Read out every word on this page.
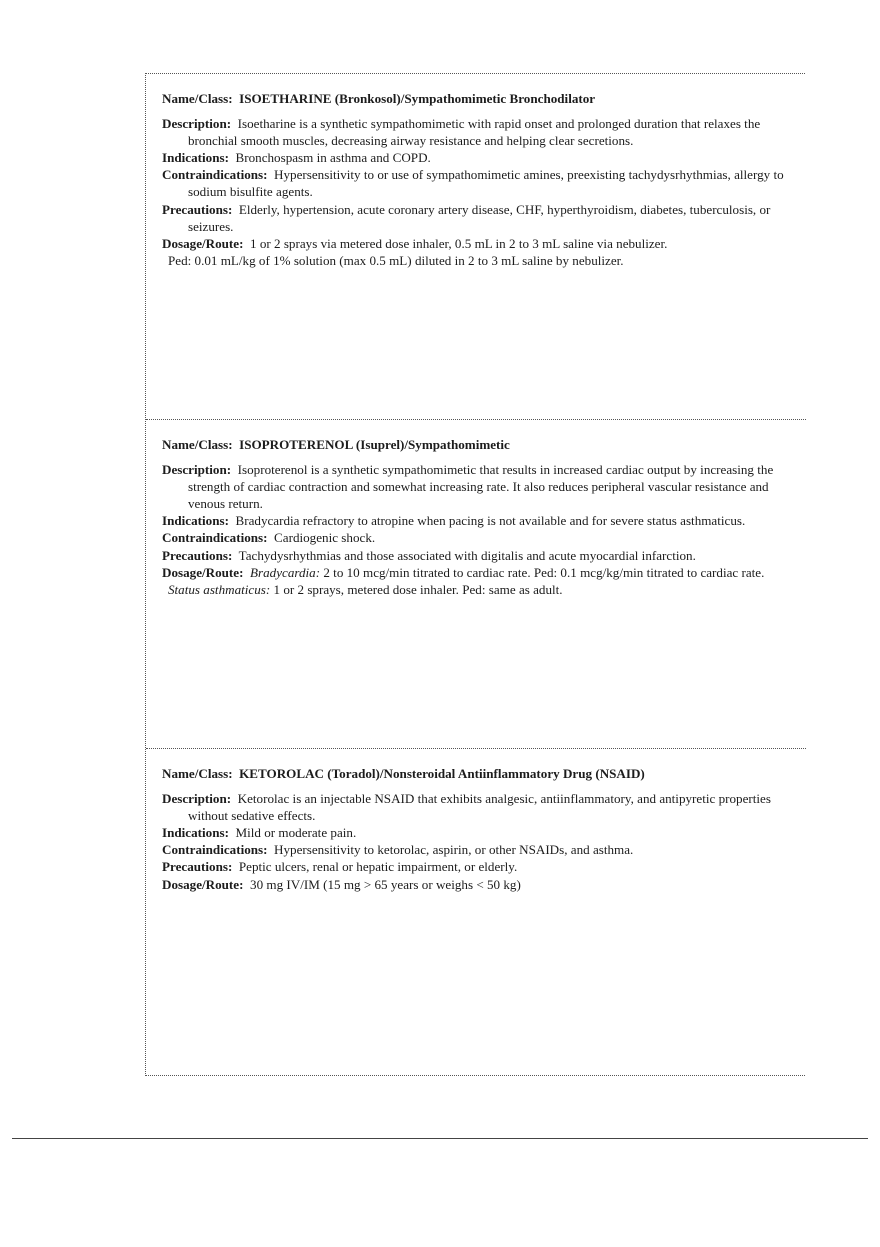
Name/Class: ISOETHARINE (Bronkosol)/Sympathomimetic Bronchodilator

Description: Isoetharine is a synthetic sympathomimetic with rapid onset and prolonged duration that relaxes the bronchial smooth muscles, decreasing airway resistance and helping clear secretions.

Indications: Bronchospasm in asthma and COPD.

Contraindications: Hypersensitivity to or use of sympathomimetic amines, preexisting tachydysrhythmias, allergy to sodium bisulfite agents.

Precautions: Elderly, hypertension, acute coronary artery disease, CHF, hyperthyroidism, diabetes, tuberculosis, or seizures.

Dosage/Route: 1 or 2 sprays via metered dose inhaler, 0.5 mL in 2 to 3 mL saline via nebulizer.

Ped: 0.01 mL/kg of 1% solution (max 0.5 mL) diluted in 2 to 3 mL saline by nebulizer.

Name/Class: ISOPROTERENOL (Isuprel)/Sympathomimetic

Description: Isoproterenol is a synthetic sympathomimetic that results in increased cardiac output by increasing the strength of cardiac contraction and somewhat increasing rate. It also reduces peripheral vascular resistance and venous return.

Indications: Bradycardia refractory to atropine when pacing is not available and for severe status asthmaticus.

Contraindications: Cardiogenic shock.

Precautions: Tachydysrhythmias and those associated with digitalis and acute myocardial infarction.

Dosage/Route: Bradycardia: 2 to 10 mcg/min titrated to cardiac rate. Ped: 0.1 mcg/kg/min titrated to cardiac rate.

Status asthmaticus: 1 or 2 sprays, metered dose inhaler. Ped: same as adult.

Name/Class: KETOROLAC (Toradol)/Nonsteroidal Antiinflammatory Drug (NSAID)

Description: Ketorolac is an injectable NSAID that exhibits analgesic, antiinflammatory, and antipyretic properties without sedative effects.

Indications: Mild or moderate pain.

Contraindications: Hypersensitivity to ketorolac, aspirin, or other NSAIDs, and asthma.

Precautions: Peptic ulcers, renal or hepatic impairment, or elderly.

Dosage/Route: 30 mg IV/IM (15 mg > 65 years or weighs < 50 kg)
